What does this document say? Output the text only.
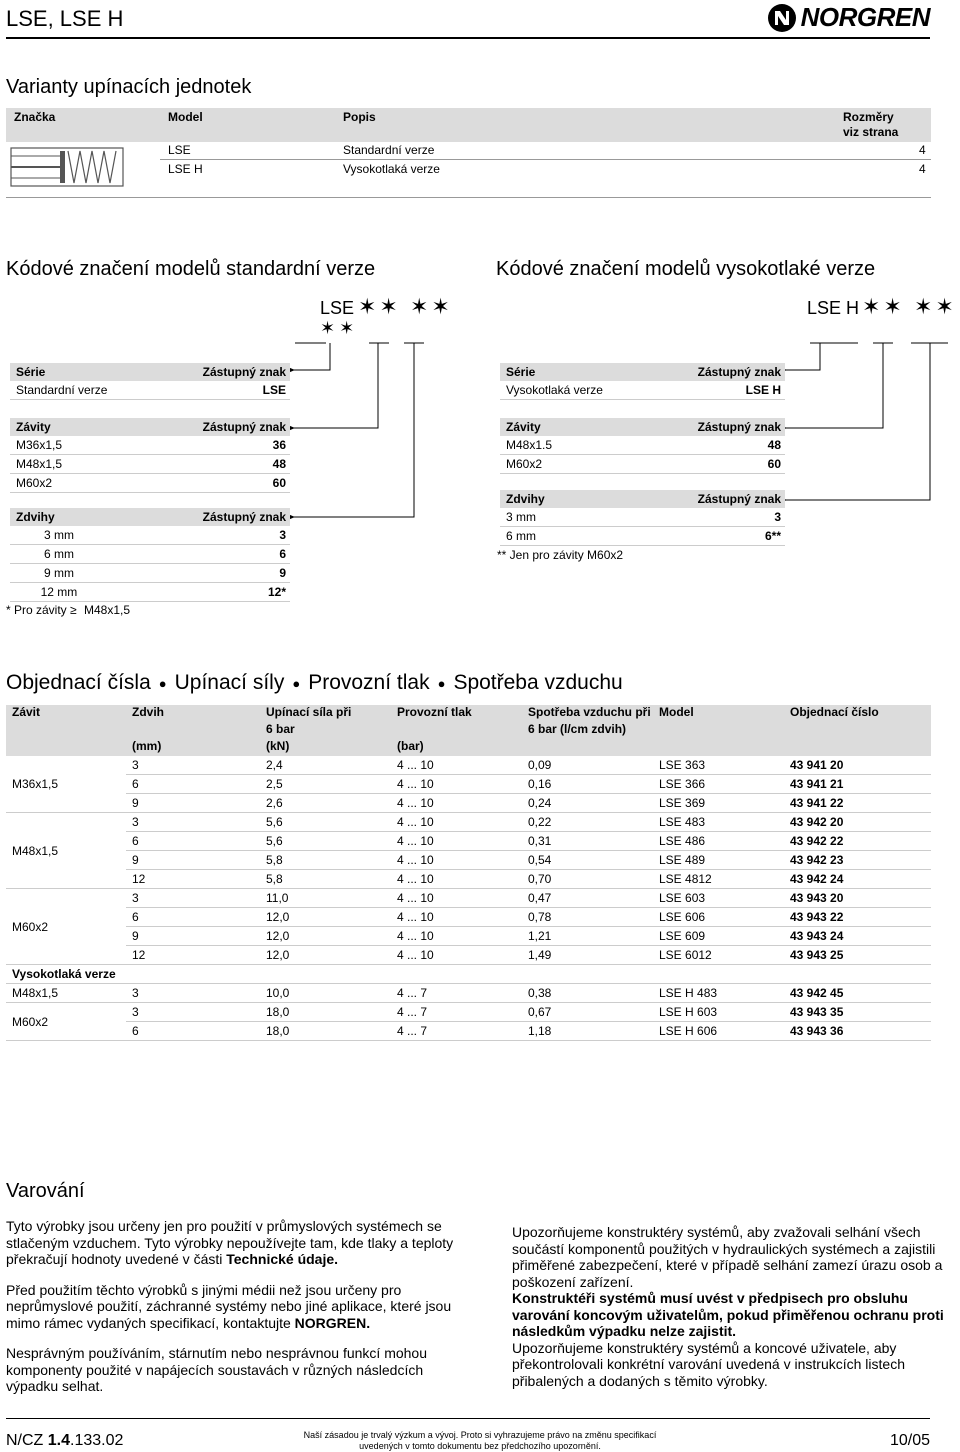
LSE, LSE H	NORGREN
Varianty upínacích jednotek
Značka	Model	Popis	Rozměry viz strana
LSE	Standardní verze	4
LSE H	Vysokotlaká verze	4
Kódové značení modelů standardní verze	Kódové značení modelů vysokotlaké verze
LSE ✶✶ ✶✶
✶✶
LSE H ✶✶ ✶✶
Série	Zástupný znak
Standardní verze	LSE
Závity	Zástupný znak
M36x1,5	36
M48x1,5	48
M60x2	60
Zdvihy	Zástupný znak
3 mm	3
6 mm	6
9 mm	9
12 mm	12*
* Pro závity ≥ M48x1,5
Série	Zástupný znak
Vysokotlaká verze	LSE H
Závity	Zástupný znak
M48x1.5	48
M60x2	60
Zdvihy	Zástupný znak
3 mm	3
6 mm	6**
** Jen pro závity M60x2
Objednací čísla ● Upínací síly ● Provozní tlak ● Spotřeba vzduchu
Závit	Zdvih	Upínací síla při	Provozní tlak	Spotřeba vzduchu při	Model	Objednací číslo
		6 bar		6 bar (l/cm zdvih)		
	(mm)	(kN)	(bar)			
M36x1,5	3	2,4	4 ... 10	0,09	LSE 363	43 941 20
	6	2,5	4 ... 10	0,16	LSE 366	43 941 21
	9	2,6	4 ... 10	0,24	LSE 369	43 941 22
M48x1,5	3	5,6	4 ... 10	0,22	LSE 483	43 942 20
	6	5,6	4 ... 10	0,31	LSE 486	43 942 22
	9	5,8	4 ... 10	0,54	LSE 489	43 942 23
	12	5,8	4 ... 10	0,70	LSE 4812	43 942 24
M60x2	3	11,0	4 ... 10	0,47	LSE 603	43 943 20
	6	12,0	4 ... 10	0,78	LSE 606	43 943 22
	9	12,0	4 ... 10	1,21	LSE 609	43 943 24
	12	12,0	4 ... 10	1,49	LSE 6012	43 943 25
Vysokotlaká verze						
M48x1,5	3	10,0	4 ... 7	0,38	LSE H 483	43 942 45
M60x2	3	18,0	4 ... 7	0,67	LSE H 603	43 943 35
	6	18,0	4 ... 7	1,18	LSE H 606	43 943 36
Varování

Tyto výrobky jsou určeny jen pro použití v průmyslových systémech se stlačeným vzduchem. Tyto výrobky nepoužívejte tam, kde tlaky a teploty překračují hodnoty uvedené v části Technické údaje.

Před použitím těchto výrobků s jinými médii než jsou určeny pro neprůmyslové použití, záchranné systémy nebo jiné aplikace, které jsou mimo rámec vydaných specifikací, kontaktujte NORGREN.

Nesprávným používáním, stárnutím nebo nesprávnou funkcí mohou komponenty použité v napájecích soustavách v různých následcích výpadku selhat.

Upozorňujeme konstruktéry systémů, aby zvažovali selhání všech součástí komponentů použitých v hydraulických systémech a zajistili přiměřené zabezpečení, které v případě selhání zamezí úrazu osob a poškození zařízení.

Konstruktéři systémů musí uvést v předpisech pro obsluhu varování koncovým uživatelům, pokud přiměřenou ochranu proti následkům výpadku nelze zajistit.

Upozorňujeme konstruktéry systémů a koncové uživatele, aby překontrolovali konkrétní varování uvedená v instrukcích listech přibalených a dodaných s těmito výrobky.

N/CZ 1.4.133.02	Naší zásadou je trvalý výzkum a vývoj. Proto si vyhrazujeme právo na změnu specifikací
uvedených v tomto dokumentu bez předchozího upozornění.	10/05
